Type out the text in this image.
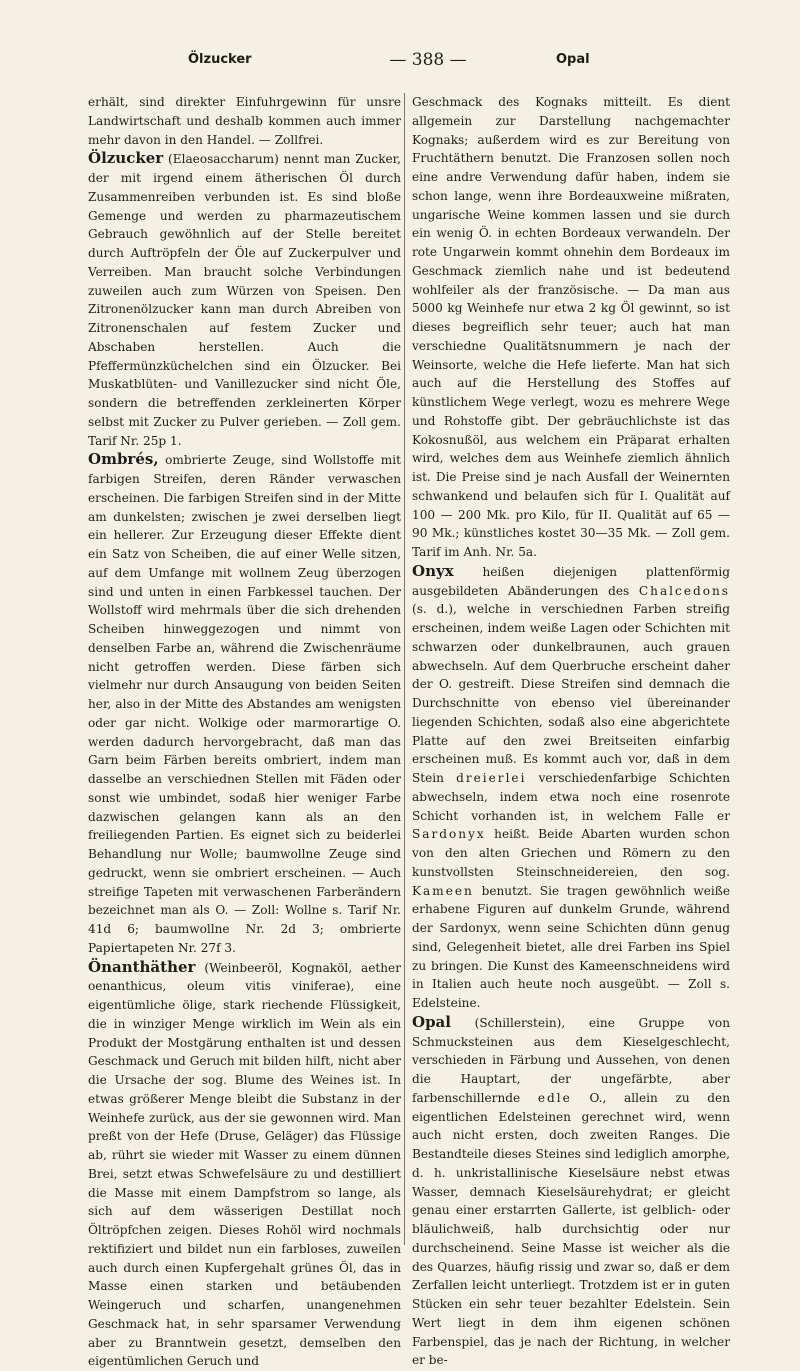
Ölzucker	— 388 —	Opal

erhält, sind direkter Einfuhrgewinn für unsre Landwirtschaft und deshalb kommen auch immer mehr davon in den Handel. — Zollfrei.

Ölzucker (Elaeosaccharum) nennt man Zucker, der mit irgend einem ätherischen Öl durch Zusammenreiben verbunden ist. Es sind bloße Gemenge und werden zu pharmazeutischem Gebrauch gewöhnlich auf der Stelle bereitet durch Auftröpfeln der Öle auf Zuckerpulver und Verreiben. Man braucht solche Verbindungen zuweilen auch zum Würzen von Speisen. Den Zitronenölzucker kann man durch Abreiben von Zitronenschalen auf festem Zucker und Abschaben herstellen. Auch die Pfeffermünzküchelchen sind ein Ölzucker. Bei Muskatblüten- und Vanillezucker sind nicht Öle, sondern die betreffenden zerkleinerten Körper selbst mit Zucker zu Pulver gerieben. — Zoll gem. Tarif Nr. 25p 1.

Ombrés, ombrierte Zeuge, sind Wollstoffe mit farbigen Streifen, deren Ränder verwaschen erscheinen. Die farbigen Streifen sind in der Mitte am dunkelsten; zwischen je zwei derselben liegt ein hellerer. Zur Erzeugung dieser Effekte dient ein Satz von Scheiben, die auf einer Welle sitzen, auf dem Umfange mit wollnem Zeug überzogen sind und unten in einen Farbkessel tauchen. Der Wollstoff wird mehrmals über die sich drehenden Scheiben hinweggezogen und nimmt von denselben Farbe an, während die Zwischenräume nicht getroffen werden. Diese färben sich vielmehr nur durch Ansaugung von beiden Seiten her, also in der Mitte des Abstandes am wenigsten oder gar nicht. Wolkige oder marmorartige O. werden dadurch hervorgebracht, daß man das Garn beim Färben bereits ombriert, indem man dasselbe an verschiednen Stellen mit Fäden oder sonst wie umbindet, sodaß hier weniger Farbe dazwischen gelangen kann als an den freiliegenden Partien. Es eignet sich zu beiderlei Behandlung nur Wolle; baumwollne Zeuge sind gedruckt, wenn sie ombriert erscheinen. — Auch streifige Tapeten mit verwaschenen Farberändern bezeichnet man als O. — Zoll: Wollne s. Tarif Nr. 41d 6; baumwollne Nr. 2d 3; ombrierte Papiertapeten Nr. 27f 3.

Önanthäther (Weinbeeröl, Kognaköl, aether oenanthicus, oleum vitis viniferae), eine eigentümliche ölige, stark riechende Flüssigkeit, die in winziger Menge wirklich im Wein als ein Produkt der Mostgärung enthalten ist und dessen Geschmack und Geruch mit bilden hilft, nicht aber die Ursache der sog. Blume des Weines ist. In etwas größerer Menge bleibt die Substanz in der Weinhefe zurück, aus der sie gewonnen wird. Man preßt von der Hefe (Druse, Geläger) das Flüssige ab, rührt sie wieder mit Wasser zu einem dünnen Brei, setzt etwas Schwefelsäure zu und destilliert die Masse mit einem Dampfstrom so lange, als sich auf dem wässerigen Destillat noch Öltröpfchen zeigen. Dieses Rohöl wird nochmals rektifiziert und bildet nun ein farbloses, zuweilen auch durch einen Kupfergehalt grünes Öl, das in Masse einen starken und betäubenden Weingeruch und scharfen, unangenehmen Geschmack hat, in sehr sparsamer Verwendung aber zu Branntwein gesetzt, demselben den eigentümlichen Geruch und

Geschmack des Kognaks mitteilt. Es dient allgemein zur Darstellung nachgemachter Kognaks; außerdem wird es zur Bereitung von Fruchtäthern benutzt. Die Franzosen sollen noch eine andre Verwendung dafür haben, indem sie schon lange, wenn ihre Bordeauxweine mißraten, ungarische Weine kommen lassen und sie durch ein wenig Ö. in echten Bordeaux verwandeln. Der rote Ungarwein kommt ohnehin dem Bordeaux im Geschmack ziemlich nahe und ist bedeutend wohlfeiler als der französische. — Da man aus 5000 kg Weinhefe nur etwa 2 kg Öl gewinnt, so ist dieses begreiflich sehr teuer; auch hat man verschiedne Qualitätsnummern je nach der Weinsorte, welche die Hefe lieferte. Man hat sich auch auf die Herstellung des Stoffes auf künstlichem Wege verlegt, wozu es mehrere Wege und Rohstoffe gibt. Der gebräuchlichste ist das Kokosnußöl, aus welchem ein Präparat erhalten wird, welches dem aus Weinhefe ziemlich ähnlich ist. Die Preise sind je nach Ausfall der Weinernten schwankend und belaufen sich für I. Qualität auf 100 — 200 Mk. pro Kilo, für II. Qualität auf 65 — 90 Mk.; künstliches kostet 30—35 Mk. — Zoll gem. Tarif im Anh. Nr. 5a.

Onyx heißen diejenigen plattenförmig ausgebildeten Abänderungen des Chalcedons (s. d.), welche in verschiednen Farben streifig erscheinen, indem weiße Lagen oder Schichten mit schwarzen oder dunkelbraunen, auch grauen abwechseln. Auf dem Querbruche erscheint daher der O. gestreift. Diese Streifen sind demnach die Durchschnitte von ebenso viel übereinander liegenden Schichten, sodaß also eine abgerichtete Platte auf den zwei Breitseiten einfarbig erscheinen muß. Es kommt auch vor, daß in dem Stein dreierlei verschiedenfarbige Schichten abwechseln, indem etwa noch eine rosenrote Schicht vorhanden ist, in welchem Falle er Sardonyx heißt. Beide Abarten wurden schon von den alten Griechen und Römern zu den kunstvollsten Steinschneidereien, den sog. Kameen benutzt. Sie tragen gewöhnlich weiße erhabene Figuren auf dunkelm Grunde, während der Sardonyx, wenn seine Schichten dünn genug sind, Gelegenheit bietet, alle drei Farben ins Spiel zu bringen. Die Kunst des Kameenschneidens wird in Italien auch heute noch ausgeübt. — Zoll s. Edelsteine.

Opal (Schillerstein), eine Gruppe von Schmucksteinen aus dem Kieselgeschlecht, verschieden in Färbung und Aussehen, von denen die Hauptart, der ungefärbte, aber farbenschillernde edle O., allein zu den eigentlichen Edelsteinen gerechnet wird, wenn auch nicht ersten, doch zweiten Ranges. Die Bestandteile dieses Steines sind lediglich amorphe, d. h. unkristallinische Kieselsäure nebst etwas Wasser, demnach Kieselsäurehydrat; er gleicht genau einer erstarrten Gallerte, ist gelblich- oder bläulichweiß, halb durchsichtig oder nur durchscheinend. Seine Masse ist weicher als die des Quarzes, häufig rissig und zwar so, daß er dem Zerfallen leicht unterliegt. Trotzdem ist er in guten Stücken ein sehr teuer bezahlter Edelstein. Sein Wert liegt in dem ihm eigenen schönen Farbenspiel, das je nach der Richtung, in welcher er be-
